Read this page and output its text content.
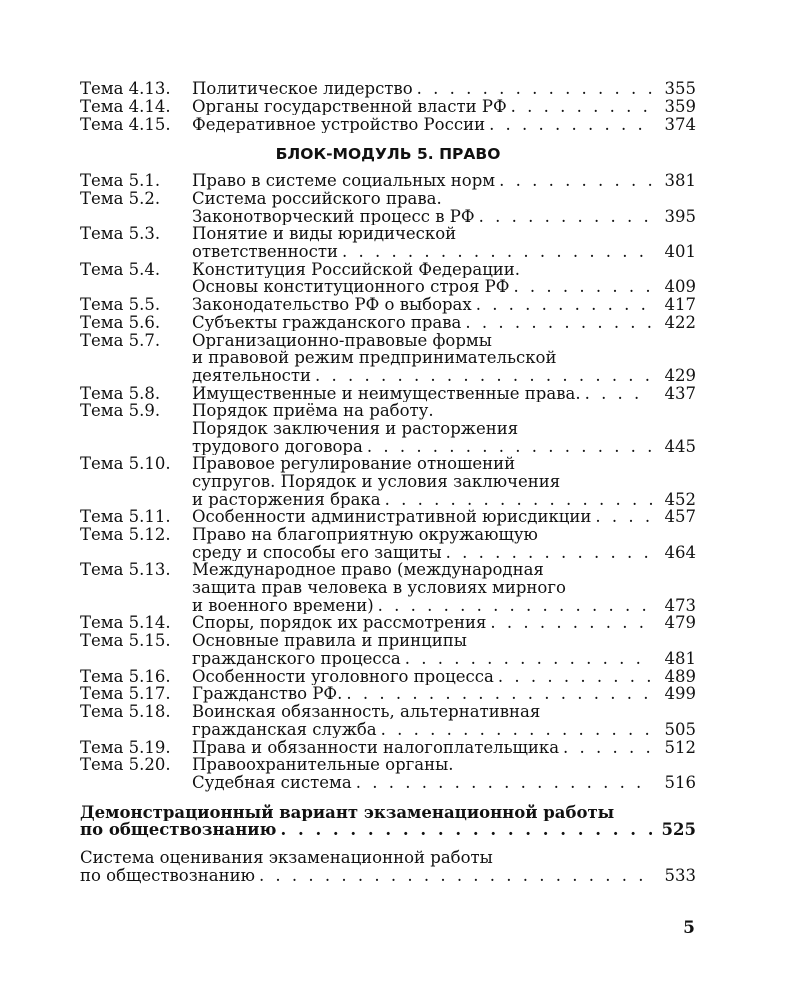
Тема 4.13.	Политическое лидерство . . .	355
Тема 4.14.	Органы государственной власти РФ . . .	359
Тема 4.15.	Федеративное устройство России . . .	374
БЛОК-МОДУЛЬ 5. ПРАВО
Тема 5.1.	Право в системе социальных норм . . .	381
Тема 5.2.	Система российского права.
Законотворческий процесс в РФ . . .	395
Тема 5.3.	Понятие и виды юридической
ответственности . . .	401
Тема 5.4.	Конституция Российской Федерации.
Основы конституционного строя РФ . . .	409
Тема 5.5.	Законодательство РФ о выборах . . .	417
Тема 5.6.	Субъекты гражданского права . . .	422
Тема 5.7.	Организационно-правовые формы
и правовой режим предпринимательской
деятельности . . .	429
Тема 5.8.	Имущественные и неимущественные права. . . .	437
Тема 5.9.	Порядок приёма на работу.
Порядок заключения и расторжения
трудового договора . . .	445
Тема 5.10.	Правовое регулирование отношений
супругов. Порядок и условия заключения
и расторжения брака . . .	452
Тема 5.11.	Особенности административной юрисдикции . . .	457
Тема 5.12.	Право на благоприятную окружающую
среду и способы его защиты . . .	464
Тема 5.13.	Международное право (международная
защита прав человека в условиях мирного
и военного времени) . . .	473
Тема 5.14.	Споры, порядок их рассмотрения . . .	479
Тема 5.15.	Основные правила и принципы
гражданского процесса . . .	481
Тема 5.16.	Особенности уголовного процесса . . .	489
Тема 5.17.	Гражданство РФ. . . .	499
Тема 5.18.	Воинская обязанность, альтернативная
гражданская служба . . .	505
Тема 5.19.	Права и обязанности налогоплательщика . . .	512
Тема 5.20.	Правоохранительные органы.
Судебная система . . .	516
Демонстрационный вариант экзаменационной работы
по обществознанию . . .	525
Система оценивания экзаменационной работы
по обществознанию . . .	533
5
